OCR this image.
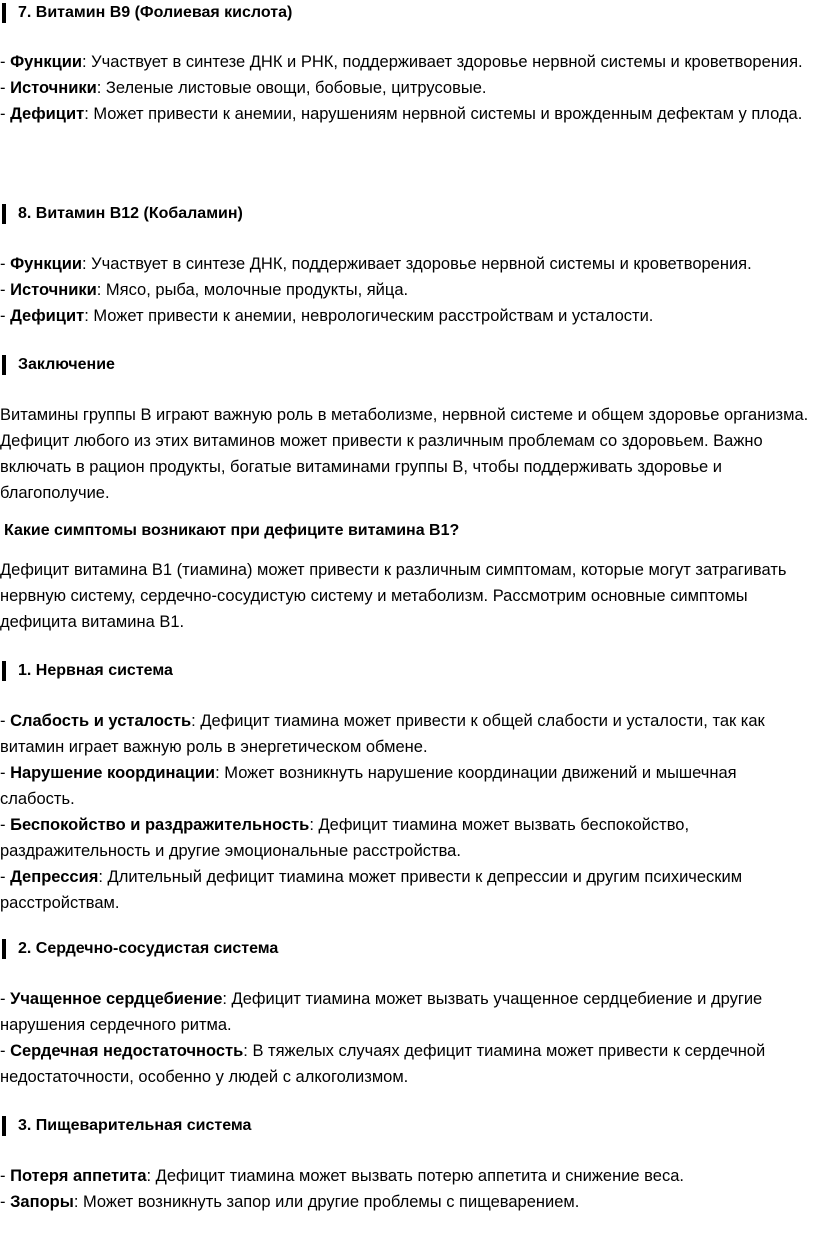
7. Витамин B9 (Фолиевая кислота)

- Функции: Участвует в синтезе ДНК и РНК, поддерживает здоровье нервной системы и кроветворения.

- Источники: Зеленые листовые овощи, бобовые, цитрусовые.

- Дефицит: Может привести к анемии, нарушениям нервной системы и врожденным дефектам у плода.

8. Витамин B12 (Кобаламин)

- Функции: Участвует в синтезе ДНК, поддерживает здоровье нервной системы и кроветворения.

- Источники: Мясо, рыба, молочные продукты, яйца.

- Дефицит: Может привести к анемии, неврологическим расстройствам и усталости.

Заключение

Витамины группы B играют важную роль в метаболизме, нервной системе и общем здоровье организма. Дефицит любого из этих витаминов может привести к различным проблемам со здоровьем. Важно включать в рацион продукты, богатые витаминами группы B, чтобы поддерживать здоровье и благополучие.

Какие симптомы возникают при дефиците витамина B1?

Дефицит витамина B1 (тиамина) может привести к различным симптомам, которые могут затрагивать нервную систему, сердечно-сосудистую систему и метаболизм. Рассмотрим основные симптомы дефицита витамина B1.

1. Нервная система

- Слабость и усталость: Дефицит тиамина может привести к общей слабости и усталости, так как витамин играет важную роль в энергетическом обмене.

- Нарушение координации: Может возникнуть нарушение координации движений и мышечная слабость.

- Беспокойство и раздражительность: Дефицит тиамина может вызвать беспокойство, раздражительность и другие эмоциональные расстройства.

- Депрессия: Длительный дефицит тиамина может привести к депрессии и другим психическим расстройствам.

2. Сердечно-сосудистая система

- Учащенное сердцебиение: Дефицит тиамина может вызвать учащенное сердцебиение и другие нарушения сердечного ритма.

- Сердечная недостаточность: В тяжелых случаях дефицит тиамина может привести к сердечной недостаточности, особенно у людей с алкоголизмом.

3. Пищеварительная система

- Потеря аппетита: Дефицит тиамина может вызвать потерю аппетита и снижение веса.

- Запоры: Может возникнуть запор или другие проблемы с пищеварением.
